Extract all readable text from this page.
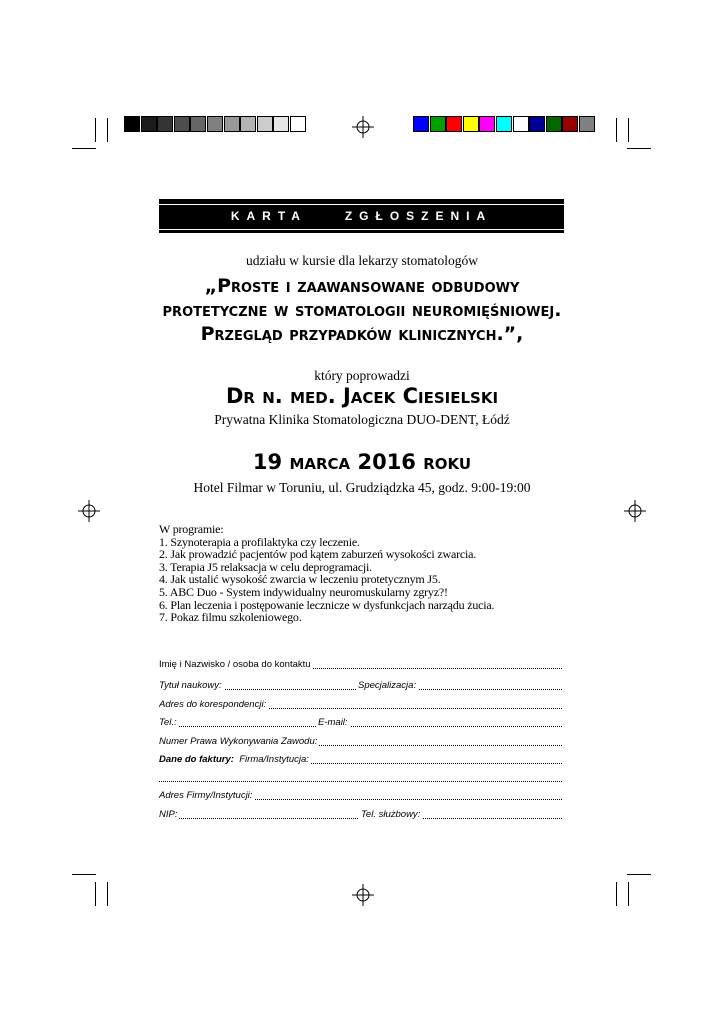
KARTA ZGŁOSZENIA
udziału w kursie dla lekarzy stomatologów
„Proste i zaawansowane odbudowy
protetyczne w stomatologii neuromięśniowej.
Przegląd przypadków klinicznych.”,
który poprowadzi
Dr n. med. Jacek Ciesielski
Prywatna Klinika Stomatologiczna DUO-DENT, Łódź
19 marca 2016 roku
Hotel Filmar w Toruniu, ul. Grudziądzka 45, godz. 9:00-19:00
W programie:
1. Szynoterapia a profilaktyka czy leczenie.
2. Jak prowadzić pacjentów pod kątem zaburzeń wysokości zwarcia.
3. Terapia J5 relaksacja w celu deprogramacji.
4. Jak ustalić wysokość zwarcia w leczeniu protetycznym J5.
5. ABC Duo - System indywidualny neuromuskularny zgryz?!
6. Plan leczenia i postępowanie lecznicze w dysfunkcjach narządu żucia.
7. Pokaz filmu szkoleniowego.
Imię i Nazwisko / osoba do kontaktu
Tytuł naukowy:	Specjalizacja:
Adres do korespondencji:
Tel.:	E-mail:
Numer Prawa Wykonywania Zawodu:
Dane do faktury: Firma/Instytucja:
Adres Firmy/Instytucji:
NIP:	Tel. służbowy:
